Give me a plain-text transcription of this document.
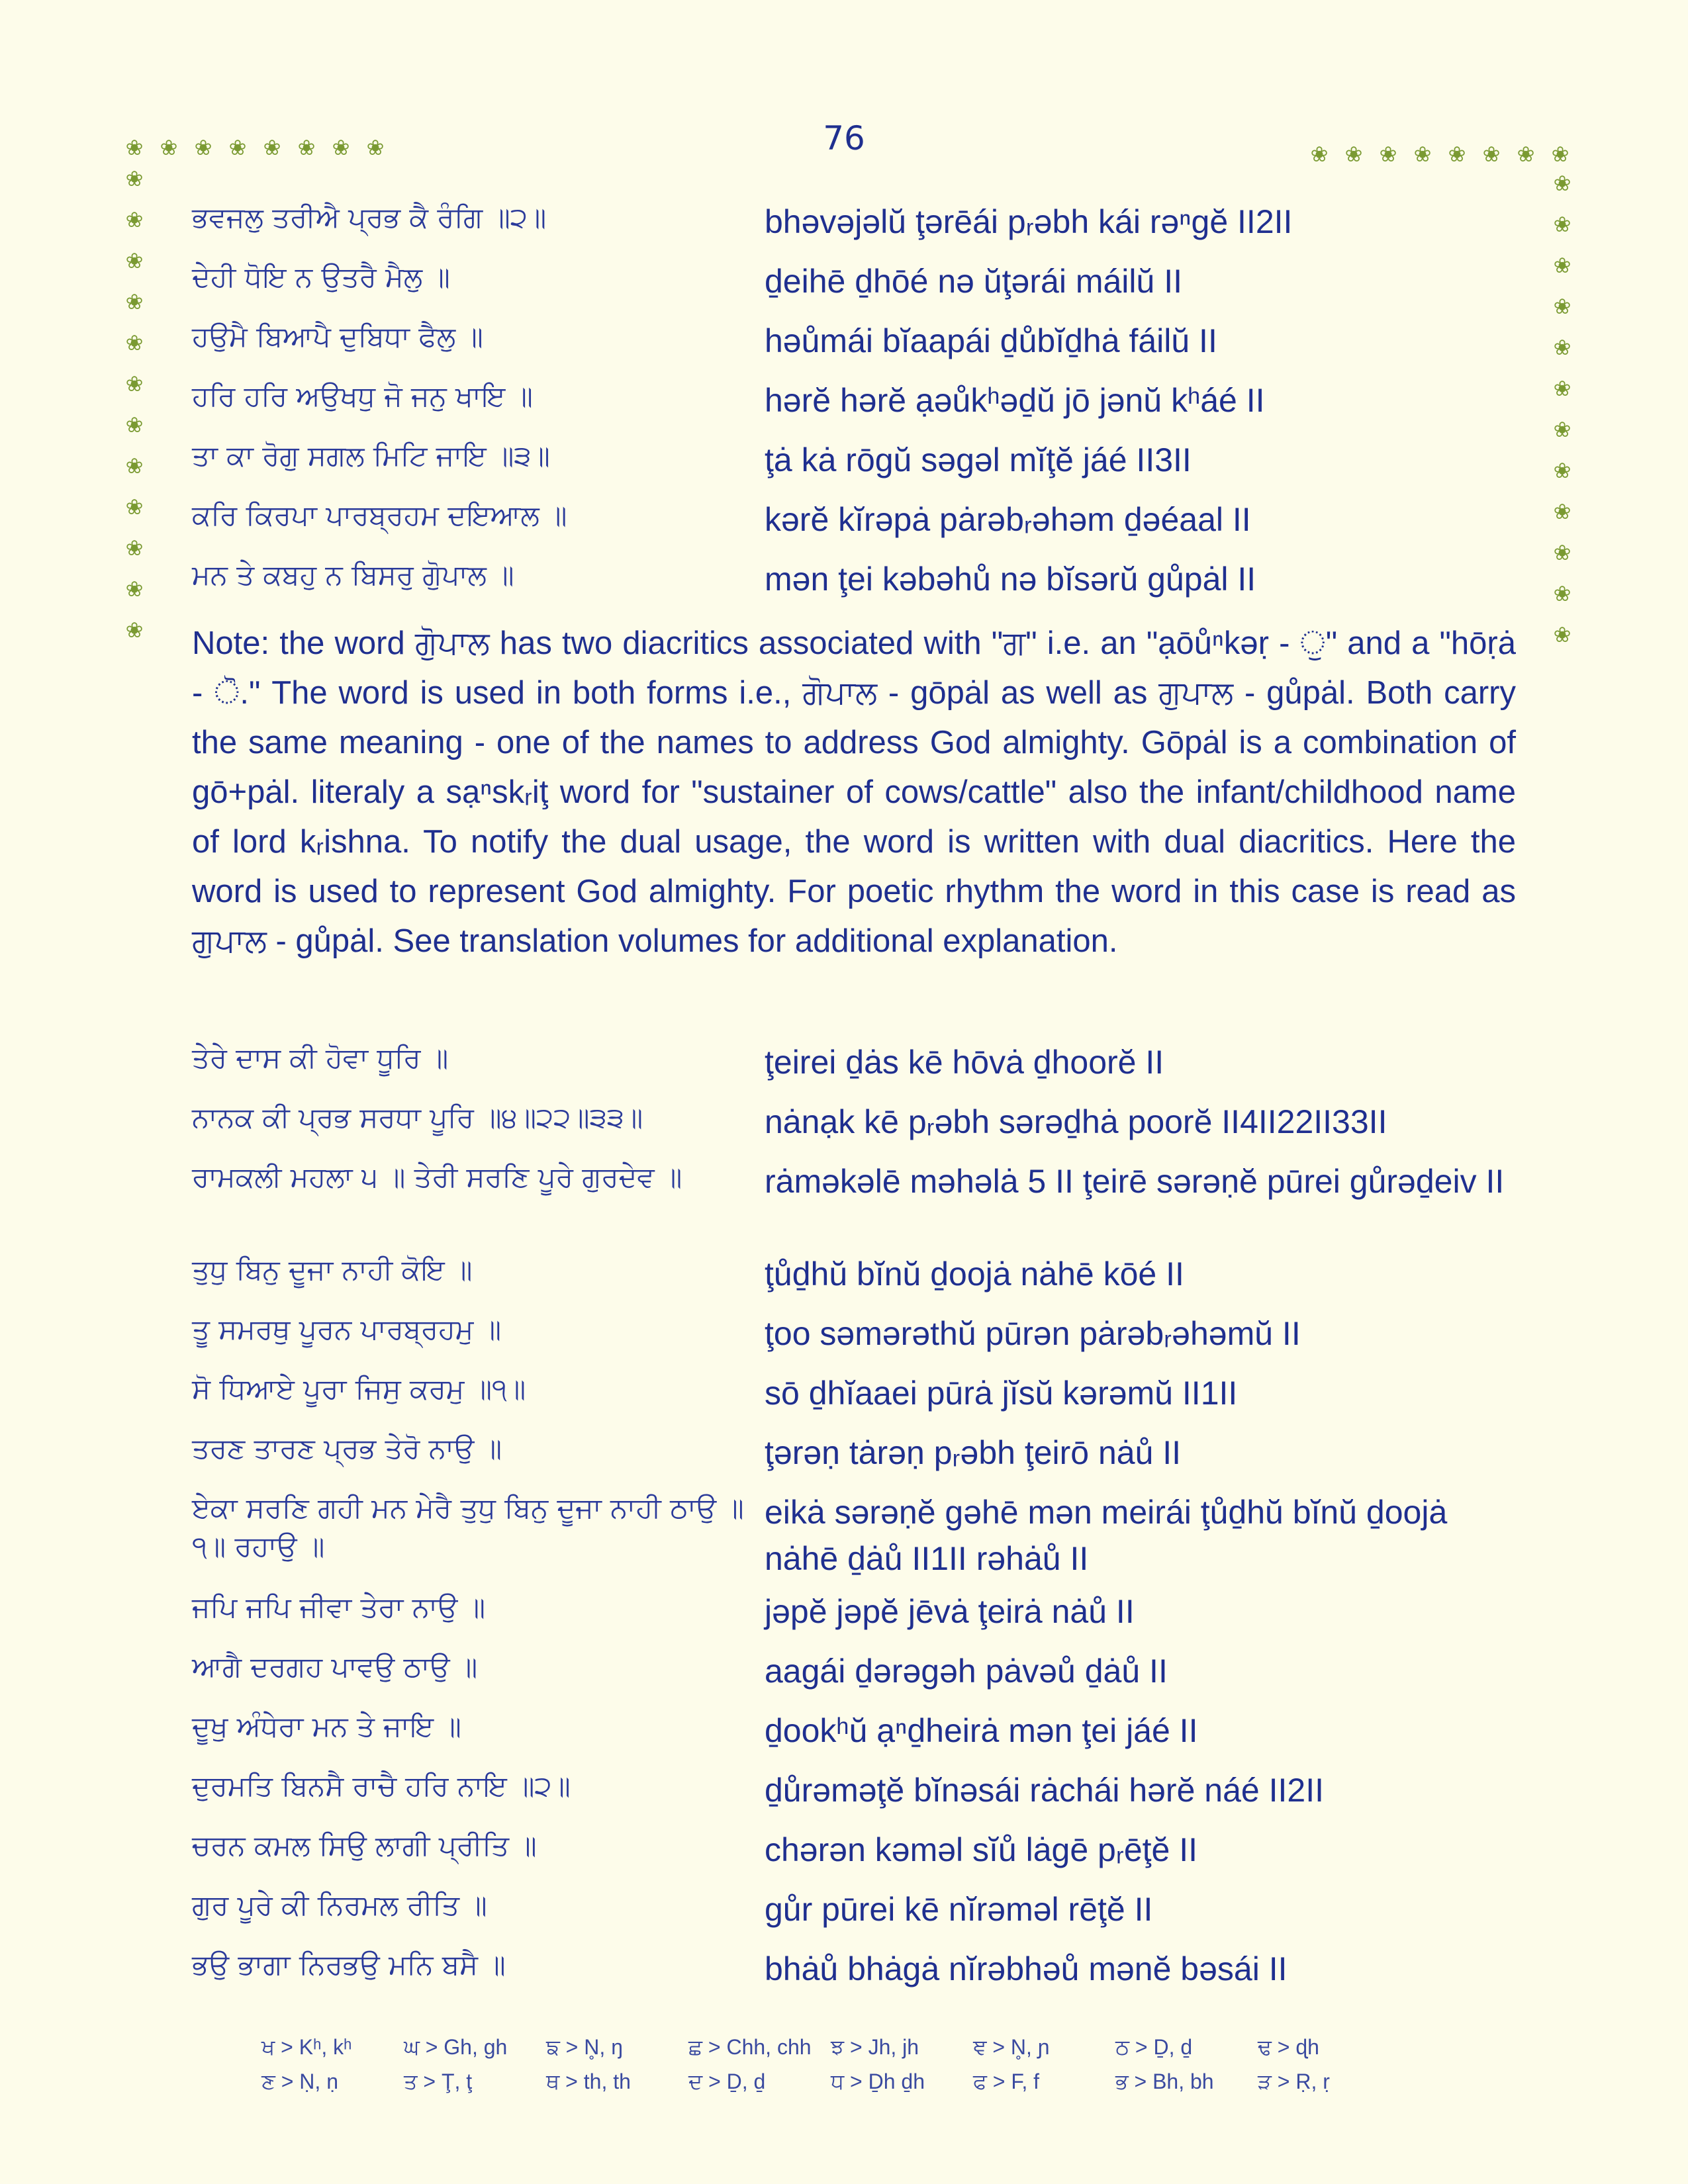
76
❀
❀
❀
❀
❀
❀
❀
❀
❀
❀
❀
❀
❀
❀
❀
❀
❀
❀
❀
❀
❀
❀
❀
❀
❀
❀
❀
❀
❀
❀
❀
❀
❀
❀
❀
❀
❀
❀
❀
❀
ਭਵਜਲੁ ਤਰੀਐ ਪ੍ਰਭ ਕੈ ਰੰਗਿ ॥੨॥	bhəvəjəlŭ ţərēái pᵣəbh kái rəⁿgĕ II2II
ਦੇਹੀ ਧੋਇ ਨ ਉਤਰੈ ਮੈਲੁ ॥	ḏeihē ḏhōé nə ŭţərái máilŭ II
ਹਉਮੈ ਬਿਆਪੈ ਦੁਬਿਧਾ ਫੈਲੁ ॥	həůmái bĭaapái ḏůbĭḏhȧ fáilŭ II
ਹਰਿ ਹਰਿ ਅਉਖਧੁ ਜੋ ਜਨੁ ਖਾਇ ॥	hərĕ hərĕ ạəůkʰəḏŭ jō jənŭ kʰáé II
ਤਾ ਕਾ ਰੋਗੁ ਸਗਲ ਮਿਟਿ ਜਾਇ ॥੩॥	ţȧ kȧ rōgŭ səgəl mĭţĕ jáé II3II
ਕਰਿ ਕਿਰਪਾ ਪਾਰਬ੍ਰਹਮ ਦਇਆਲ ॥	kərĕ kĭrəpȧ pȧrəbᵣəhəm ḏəéaal II
ਮਨ ਤੇ ਕਬਹੁ ਨ ਬਿਸਰੁ ਗੁੋਪਾਲ ॥	mən ţei kəbəhů nə bĭsərŭ gůpȧl II
Note: the word ਗੁੋਪਾਲ has two diacritics associated with "ਗ" i.e. an "ạōůⁿkəṛ - ੁ" and a "hōṛȧ - ੋ." The word is used in both forms i.e., ਗੋਪਾਲ - gōpȧl as well as ਗੁਪਾਲ - gůpȧl. Both carry the same meaning - one of the names to address God almighty. Gōpȧl is a combination of gō+pȧl. literaly a sạⁿskᵣiţ word for "sustainer of cows/cattle" also the infant/childhood name of lord kᵣishna. To notify the dual usage, the word is written with dual diacritics. Here the word is used to represent God almighty. For poetic rhythm the word in this case is read as ਗੁਪਾਲ - gůpȧl. See translation volumes for additional explanation.
ਤੇਰੇ ਦਾਸ ਕੀ ਹੋਵਾ ਧੂਰਿ ॥	ţeirei ḏȧs kē hōvȧ ḏhoorĕ II
ਨਾਨਕ ਕੀ ਪ੍ਰਭ ਸਰਧਾ ਪੂਰਿ ॥੪॥੨੨॥੩੩॥	nȧnạk kē pᵣəbh sərəḏhȧ poorĕ II4II22II33II
ਰਾਮਕਲੀ ਮਹਲਾ ੫ ॥ ਤੇਰੀ ਸਰਣਿ ਪੂਰੇ ਗੁਰਦੇਵ ॥	rȧməkəlē məhəlȧ 5 II ţeirē sərəṇĕ pūrei gůrəḏeiv II
ਤੁਧੁ ਬਿਨੁ ਦੂਜਾ ਨਾਹੀ ਕੋਇ ॥	ţůḏhŭ bĭnŭ ḏoojȧ nȧhē kōé II
ਤੂ ਸਮਰਥੁ ਪੂਰਨ ਪਾਰਬ੍ਰਹਮੁ ॥	ţoo səmərəthŭ pūrən pȧrəbᵣəhəmŭ II
ਸੋ ਧਿਆਏ ਪੂਰਾ ਜਿਸੁ ਕਰਮੁ ॥੧॥	sō ḏhĭaaei pūrȧ jĭsŭ kərəmŭ II1II
ਤਰਣ ਤਾਰਣ ਪ੍ਰਭ ਤੇਰੋ ਨਾਉ ॥	ţərəṇ tȧrəṇ pᵣəbh ţeirō nȧů II
ਏਕਾ ਸਰਣਿ ਗਹੀ ਮਨ ਮੇਰੈ ਤੁਧੁ ਬਿਨੁ ਦੂਜਾ ਨਾਹੀ ਠਾਉ ॥੧॥ ਰਹਾਉ ॥
eikȧ sərəṇĕ gəhē mən meirái ţůḏhŭ bĭnŭ ḏoojȧ nȧhē ḏȧů II1II rəhȧů II
ਜਪਿ ਜਪਿ ਜੀਵਾ ਤੇਰਾ ਨਾਉ ॥	jəpĕ jəpĕ jēvȧ ţeirȧ nȧů II
ਆਗੈ ਦਰਗਹ ਪਾਵਉ ਠਾਉ ॥	aagái ḏərəgəh pȧvəů ḏȧů II
ਦੂਖੁ ਅੰਧੇਰਾ ਮਨ ਤੇ ਜਾਇ ॥	ḏookʰŭ ạⁿḏheirȧ mən ţei jáé II
ਦੁਰਮਤਿ ਬਿਨਸੈ ਰਾਚੈ ਹਰਿ ਨਾਇ ॥੨॥	ḏůrəməţĕ bĭnəsái rȧchái hərĕ náé II2II
ਚਰਨ ਕਮਲ ਸਿਉ ਲਾਗੀ ਪ੍ਰੀਤਿ ॥	chərən kəməl sĭů lȧgē pᵣēţĕ II
ਗੁਰ ਪੂਰੇ ਕੀ ਨਿਰਮਲ ਰੀਤਿ ॥	gůr pūrei kē nĭrəməl rēţĕ II
ਭਉ ਭਾਗਾ ਨਿਰਭਉ ਮਨਿ ਬਸੈ ॥	bhȧů bhȧgȧ nĭrəbhəů mənĕ bəsái II
ਖ > Kʰ, kʰ	ਘ > Gh, gh	ਙ > N̥, ŋ	ਛ > Chh, chh ਝ > Jh, jh	ਞ > N̥, ɲ	ਠ > Ḏ, ḏ	ਢ > ɖh
ਣ > Ṇ, ṇ	ਤ > Ţ, ţ	ਥ > th, th	ਦ > Ḏ, ḏ	ਧ > Ḏh ḏh	ਫ > F, f	ਭ > Bh, bh	ੜ > Ṛ, ṛ
